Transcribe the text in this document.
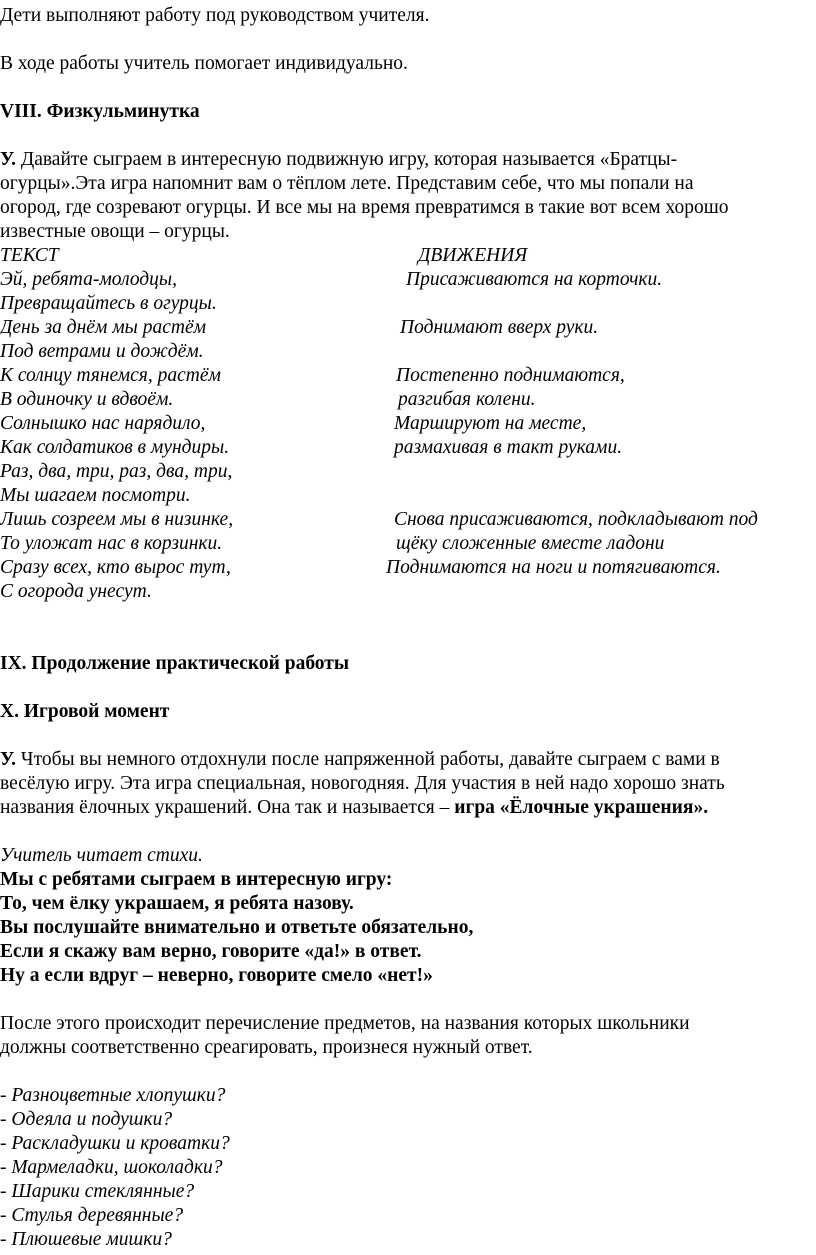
Дети выполняют работу под руководством учителя.
В ходе работы учитель помогает индивидуально.
VIII. Физкульминутка
У. Давайте сыграем в интересную подвижную игру, которая называется «Братцы-
огурцы».Эта игра напомнит вам о тёплом лете. Представим себе, что мы попали на
огород, где созревают огурцы. И все мы на время превратимся в такие вот всем хорошо
известные овощи – огурцы.
ТЕКСТ	ДВИЖЕНИЯ
Эй, ребята-молодцы,	Присаживаются на корточки.
Превращайтесь в огурцы.
День за днём мы растём	Поднимают вверх руки.
Под ветрами и дождём.
К солнцу тянемся, растём	Постепенно поднимаются,
В одиночку и вдвоём.	разгибая колени.
Солнышко нас нарядило,	Маршируют на месте,
Как солдатиков в мундиры.	размахивая в такт руками.
Раз, два, три, раз, два, три,
Мы шагаем посмотри.
Лишь созреем мы в низинке,	Снова присаживаются, подкладывают под
То уложат нас в корзинки.	щёку сложенные вместе ладони
Сразу всех, кто вырос тут,	Поднимаются на ноги и потягиваются.
С огорода унесут.
IX. Продолжение практической работы
X. Игровой момент
У. Чтобы вы немного отдохнули после напряженной работы, давайте сыграем с вами в
весёлую игру. Эта игра специальная, новогодняя. Для участия в ней надо хорошо знать
названия ёлочных украшений. Она так и называется – игра «Ёлочные украшения».
Учитель читает стихи.
Мы с ребятами сыграем в интересную игру:
То, чем ёлку украшаем, я ребята назову.
Вы послушайте внимательно и ответьте обязательно,
Если я скажу вам верно, говорите «да!» в ответ.
Ну а если вдруг – неверно, говорите смело «нет!»
После этого происходит перечисление предметов, на названия которых школьники
должны соответственно среагировать, произнеся нужный ответ.
- Разноцветные хлопушки?
- Одеяла и подушки?
- Раскладушки и кроватки?
- Мармеладки, шоколадки?
- Шарики стеклянные?
- Стулья деревянные?
- Плюшевые мишки?
